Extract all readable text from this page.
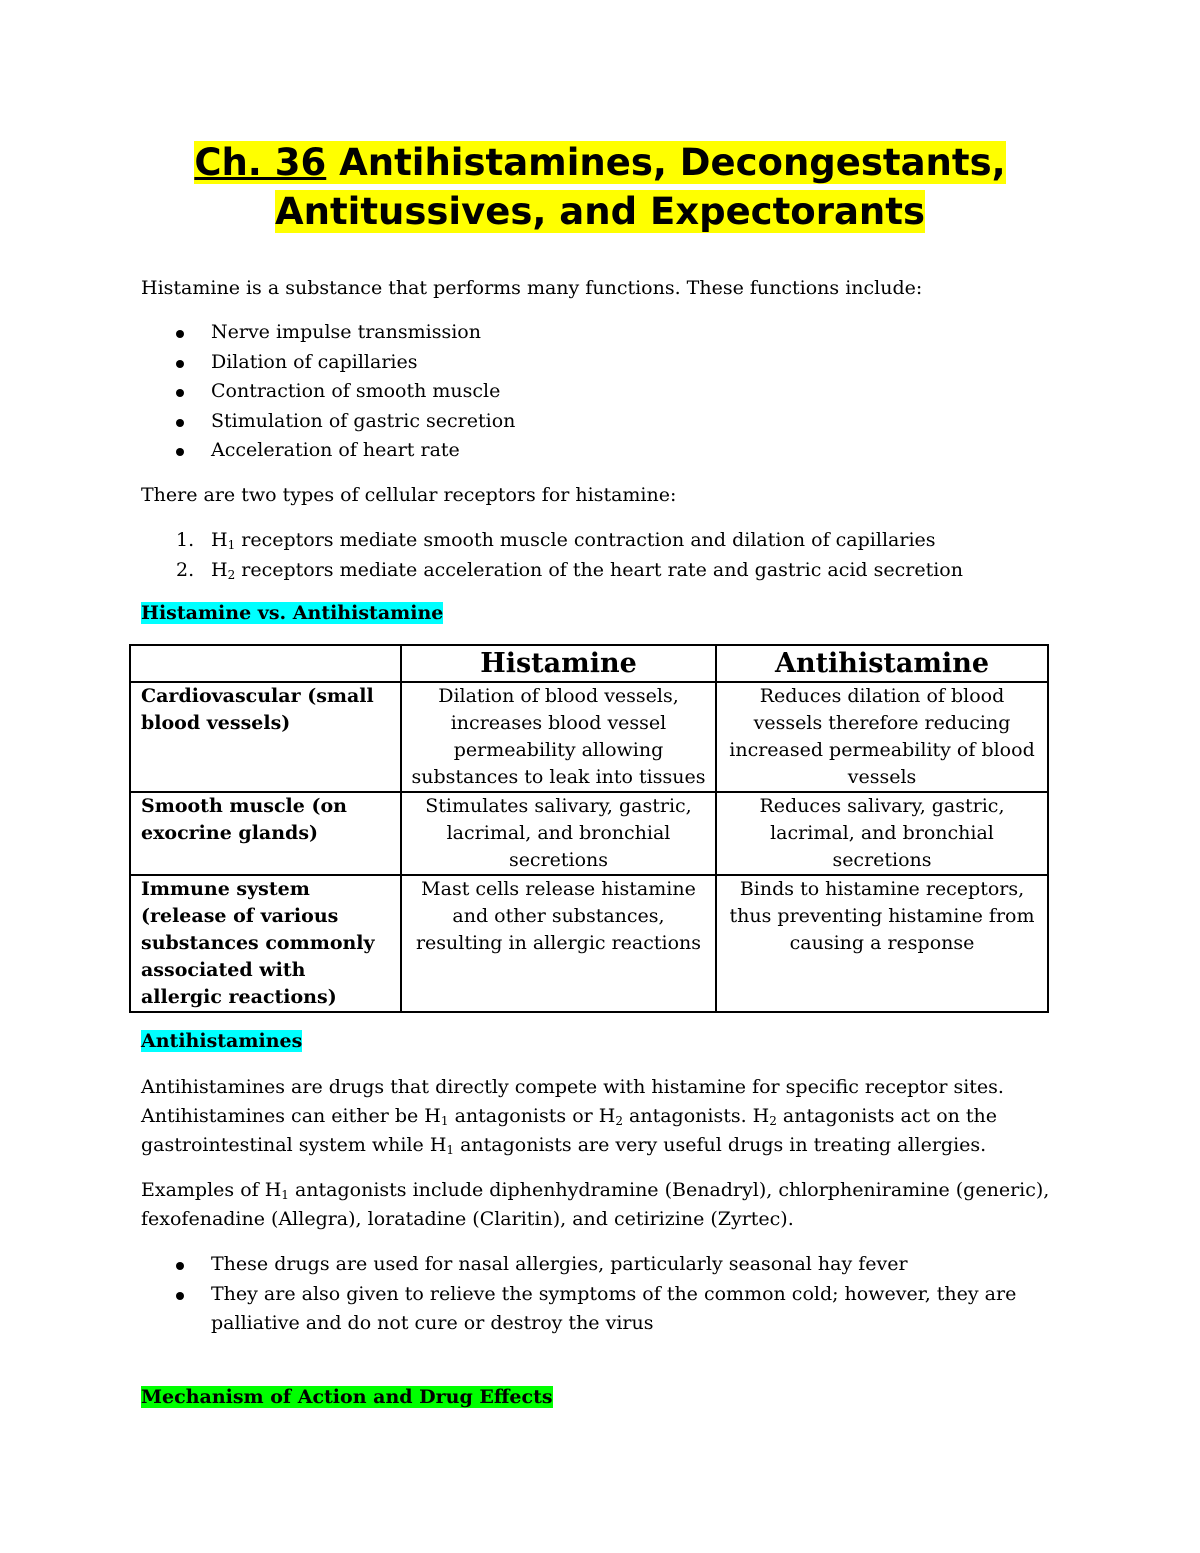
Ch. 36 Antihistamines, Decongestants,
Antitussives, and Expectorants
Histamine is a substance that performs many functions. These functions include:
Nerve impulse transmission
Dilation of capillaries
Contraction of smooth muscle
Stimulation of gastric secretion
Acceleration of heart rate
There are two types of cellular receptors for histamine:
1. $H_1$ receptors mediate smooth muscle contraction and dilation of capillaries
2. $H_2$ receptors mediate acceleration of the heart rate and gastric acid secretion
Histamine vs. Antihistamine
	Histamine	Antihistamine
Cardiovascular (small blood vessels)	Dilation of blood vessels, increases blood vessel permeability allowing substances to leak into tissues	Reduces dilation of blood vessels therefore reducing increased permeability of blood vessels
Smooth muscle (on exocrine glands)	Stimulates salivary, gastric, lacrimal, and bronchial secretions	Reduces salivary, gastric, lacrimal, and bronchial secretions
Immune system (release of various substances commonly associated with allergic reactions)	Mast cells release histamine and other substances, resulting in allergic reactions	Binds to histamine receptors, thus preventing histamine from causing a response
Antihistamines
Antihistamines are drugs that directly compete with histamine for specific receptor sites.
Antihistamines can either be $H_1$ antagonists or $H_2$ antagonists. $H_2$ antagonists act on the
gastrointestinal system while $H_1$ antagonists are very useful drugs in treating allergies.
Examples of $H_1$ antagonists include diphenhydramine (Benadryl), chlorpheniramine (generic),
fexofenadine (Allegra), loratadine (Claritin), and cetirizine (Zyrtec).
These drugs are used for nasal allergies, particularly seasonal hay fever
They are also given to relieve the symptoms of the common cold; however, they are
palliative and do not cure or destroy the virus
Mechanism of Action and Drug Effects
